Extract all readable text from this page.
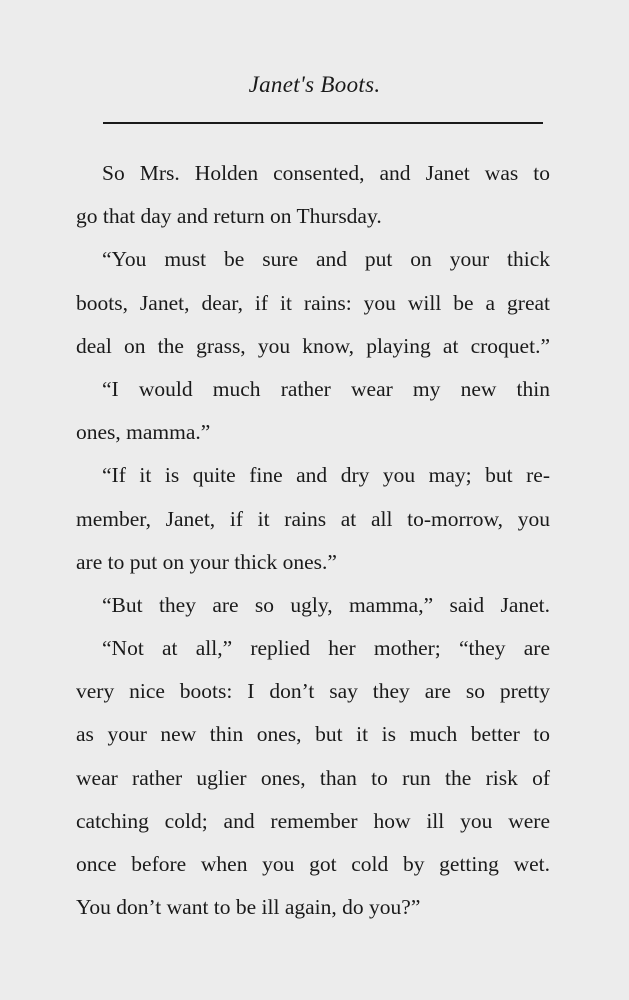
Janet's Boots.
So Mrs. Holden consented, and Janet was to
go that day and return on Thursday.
“You must be sure and put on your thick
boots, Janet, dear, if it rains: you will be a great
deal on the grass, you know, playing at croquet.”
“I would much rather wear my new thin
ones, mamma.”
“If it is quite fine and dry you may; but re-
member, Janet, if it rains at all to-morrow, you
are to put on your thick ones.”
“But they are so ugly, mamma,” said Janet.
“Not at all,” replied her mother; “they are
very nice boots: I don’t say they are so pretty
as your new thin ones, but it is much better to
wear rather uglier ones, than to run the risk of
catching cold; and remember how ill you were
once before when you got cold by getting wet.
You don’t want to be ill again, do you?”
